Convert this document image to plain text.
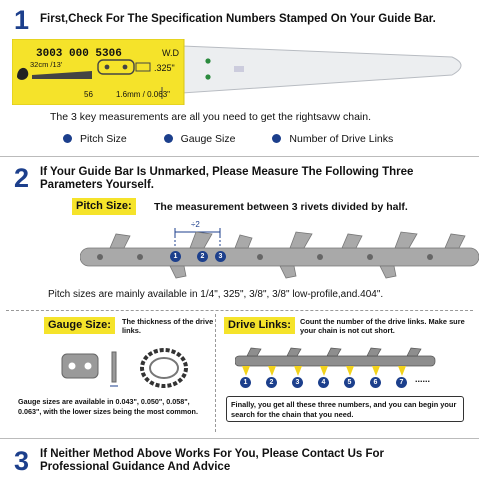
1 First,Check For The Specification Numbers Stamped On Your Guide Bar.
3003 000 5306	W.D
32cm /13'	.325"
56	1.6mm / 0.063"
The 3 key measurements are all you need to get the rightsavw chain.
Pitch Size	Gauge Size	Number of Drive Links
2 If Your Guide Bar Is Unmarked, Please Measure The Following Three Parameters Yourself.
Pitch Size:	The measurement between 3 rivets divided by half.
÷2
1	2	3
Pitch sizes are mainly available in 1/4", 325", 3/8", 3/8" low-profile,and.404".
Gauge Size:	The thickness of the drive links.
Gauge sizes are available in 0.043", 0.050", 0.058", 0.063", with the lower sizes being the most common.
Drive Links:	Count the number of the drive links. Make sure your chain is not cut short.
1	2	3	4	5	6	7	......
Finally, you get all these three numbers, and you can begin your search for the chain that you need.
3 If Neither Method Above Works For You, Please Contact Us For Professional Guidance And Advice
